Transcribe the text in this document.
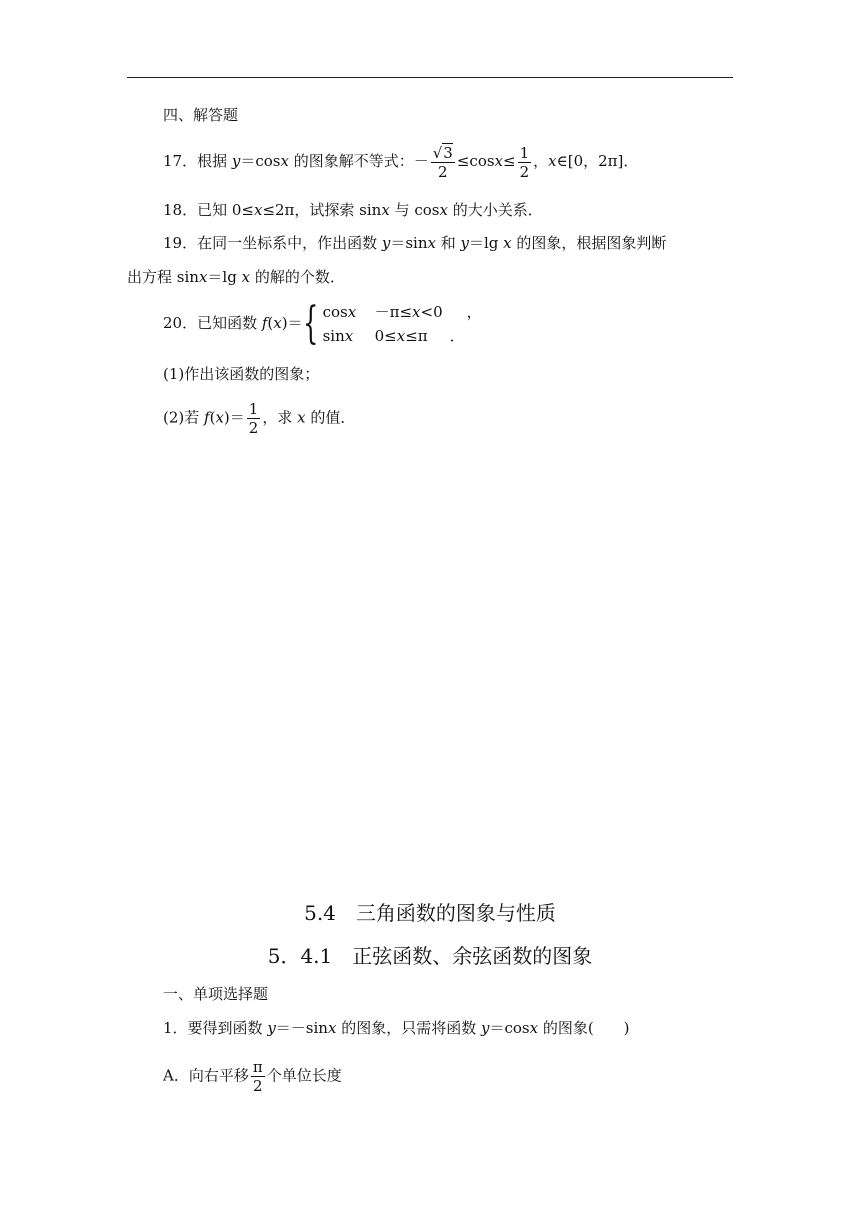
四、解答题
17．根据 y＝cosx 的图象解不等式：－ $\frac{√3}{2} \le\cos x\le \frac{1}{2}$ ，x∈[0，2π]．
18．已知 0≤x≤2π，试探索 sinx 与 cosx 的大小关系．
19．在同一坐标系中，作出函数 y＝sinx 和 y＝lg x 的图象，根据图象判断
出方程 sinx＝lg x 的解的个数．
20．已知函数 f(x)＝{ cosx －π≤x<0 ，
sinx 0≤x≤π ．
(1)作出该函数的图象；
(2)若 $f(x)= \frac{1}{2}$ ，求 x 的值．
5.4　三角函数的图象与性质
5．4.1　正弦函数、余弦函数的图象
一、单项选择题
1．要得到函数 y＝－sinx 的图象，只需将函数 y＝cosx 的图象(　　)
A．向右平移 $\frac{\pi}{2}$ 个单位长度
